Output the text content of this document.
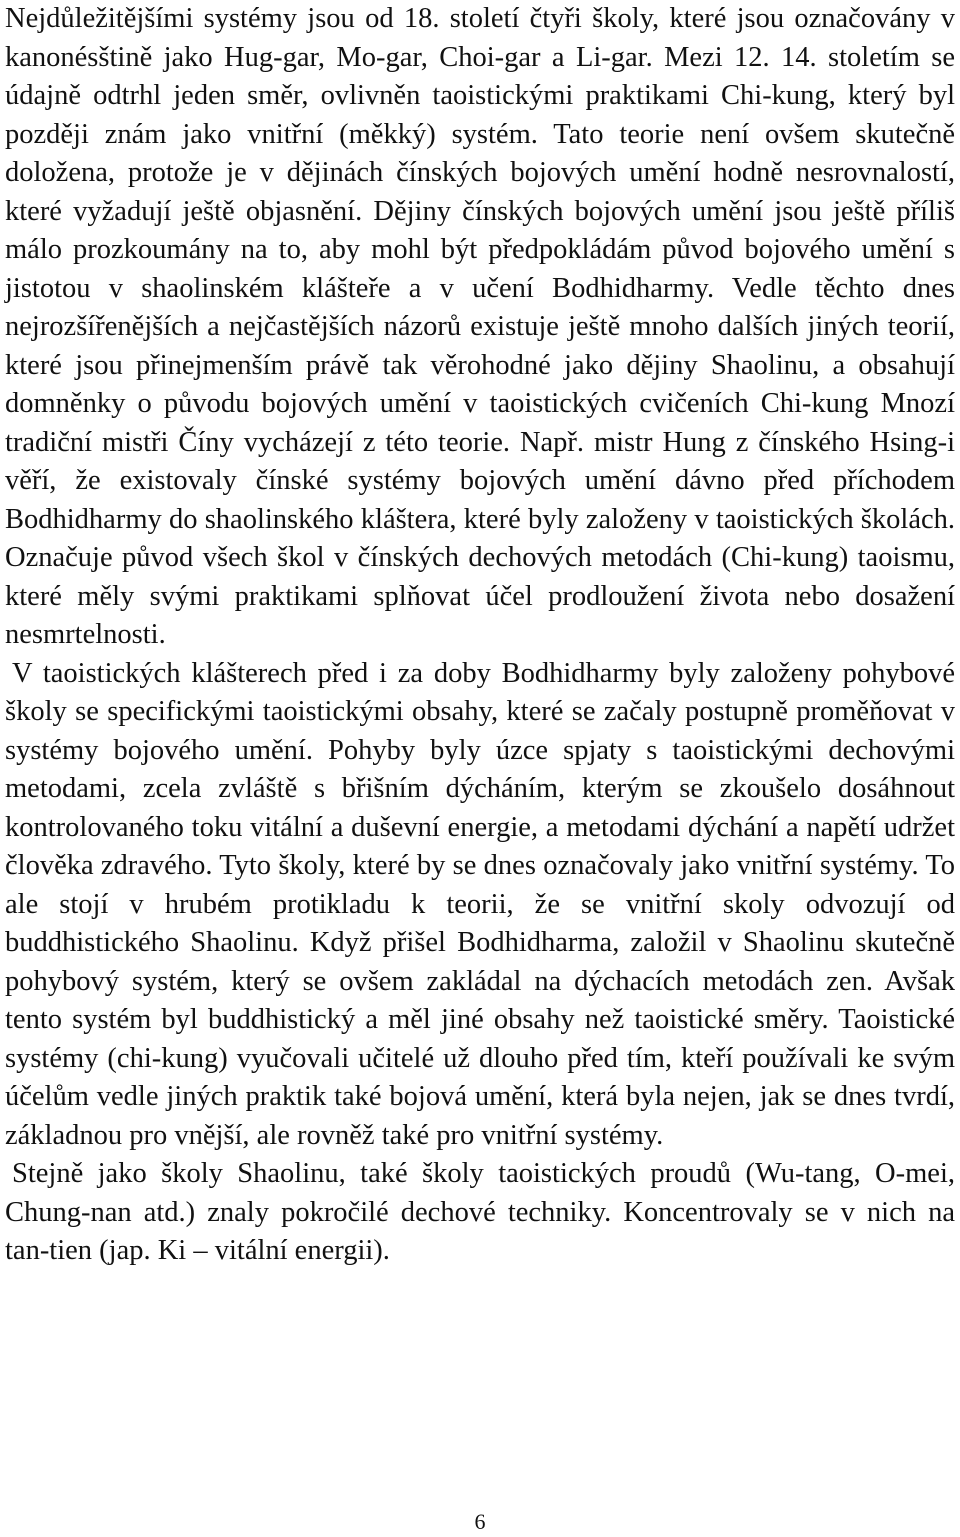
Nejdůležitějšími systémy jsou od 18. století čtyři školy, které jsou označovány v kanonésštině jako Hug-gar, Mo-gar, Choi-gar a Li-gar. Mezi 12. 14. stoletím se údajně odtrhl jeden směr, ovlivněn taoistickými praktikami Chi-kung, který byl později znám jako vnitřní (měkký) systém. Tato teorie není ovšem skutečně doložena, protože je v dějinách čínských bojových umění hodně nesrovnalostí, které vyžadují ještě objasnění. Dějiny čínských bojových umění jsou ještě příliš málo prozkoumány na to, aby mohl být předpokládám původ bojového umění s jistotou v shaolinském klášteře a v učení Bodhidharmy. Vedle těchto dnes nejrozšířenějších a nejčastějších názorů existuje ještě mnoho dalších jiných teorií, které jsou přinejmenším právě tak věrohodné jako dějiny Shaolinu, a obsahují domněnky o původu bojových umění v taoistických cvičeních Chi-kung Mnozí tradiční mistři Číny vycházejí z této teorie. Např. mistr Hung z čínského Hsing-i věří, že existovaly čínské systémy bojových umění dávno před příchodem Bodhidharmy do shaolinského kláštera, které byly založeny v taoistických školách. Označuje původ všech škol v čínských dechových metodách (Chi-kung) taoismu, které měly svými praktikami splňovat účel prodloužení života nebo dosažení nesmrtelnosti.

V taoistických klášterech před i za doby Bodhidharmy byly založeny pohybové školy se specifickými taoistickými obsahy, které se začaly postupně proměňovat v systémy bojového umění. Pohyby byly úzce spjaty s taoistickými dechovými metodami, zcela zvláště s břišním dýcháním, kterým se zkoušelo dosáhnout kontrolovaného toku vitální a duševní energie, a metodami dýchání a napětí udržet člověka zdravého. Tyto školy, které by se dnes označovaly jako vnitřní systémy. To ale stojí v hrubém protikladu k teorii, že se vnitřní skoly odvozují od buddhistického Shaolinu. Když přišel Bodhidharma, založil v Shaolinu skutečně pohybový systém, který se ovšem zakládal na dýchacích metodách zen. Avšak tento systém byl buddhistický a měl jiné obsahy než taoistické směry. Taoistické systémy (chi-kung) vyučovali učitelé už dlouho před tím, kteří používali ke svým účelům vedle jiných praktik také bojová umění, která byla nejen, jak se dnes tvrdí, základnou pro vnější, ale rovněž také pro vnitřní systémy.

Stejně jako školy Shaolinu, také školy taoistických proudů (Wu-tang, O-mei, Chung-nan atd.) znaly pokročilé dechové techniky. Koncentrovaly se v nich na tan-tien (jap. Ki – vitální energii).

6
